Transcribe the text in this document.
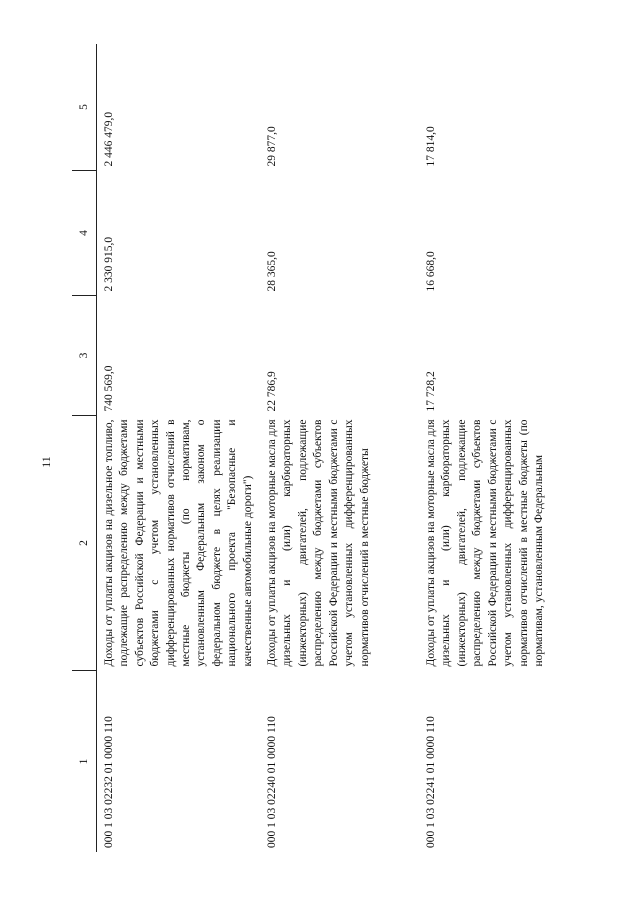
11
1	2	3	4	5
000 1 03 02232 01 0000 110	Доходы от уплаты акцизов на дизельное топливо, подлежащие распределению между бюджетами субъектов Российской Федерации и местными бюджетами с учетом установленных дифференцированных нормативов отчислений в местные бюджеты (по нормативам, установленным Федеральным законом о федеральном бюджете в целях реализации национального проекта "Безопасные и качественные автомобильные дороги")	740 569,0	2 330 915,0	2 446 479,0
000 1 03 02240 01 0000 110	Доходы от уплаты акцизов на моторные масла для дизельных и (или) карбюраторных (инжекторных) двигателей, подлежащие распределению между бюджетами субъектов Российской Федерации и местными бюджетами с учетом установленных дифференцированных нормативов отчислений в местные бюджеты	22 786,9	28 365,0	29 877,0
000 1 03 02241 01 0000 110	Доходы от уплаты акцизов на моторные масла для дизельных и (или) карбюраторных (инжекторных) двигателей, подлежащие распределению между бюджетами субъектов Российской Федерации и местными бюджетами с учетом установленных дифференцированных нормативов отчислений в местные бюджеты (по нормативам, установленным Федеральным	17 728,2	16 668,0	17 814,0
